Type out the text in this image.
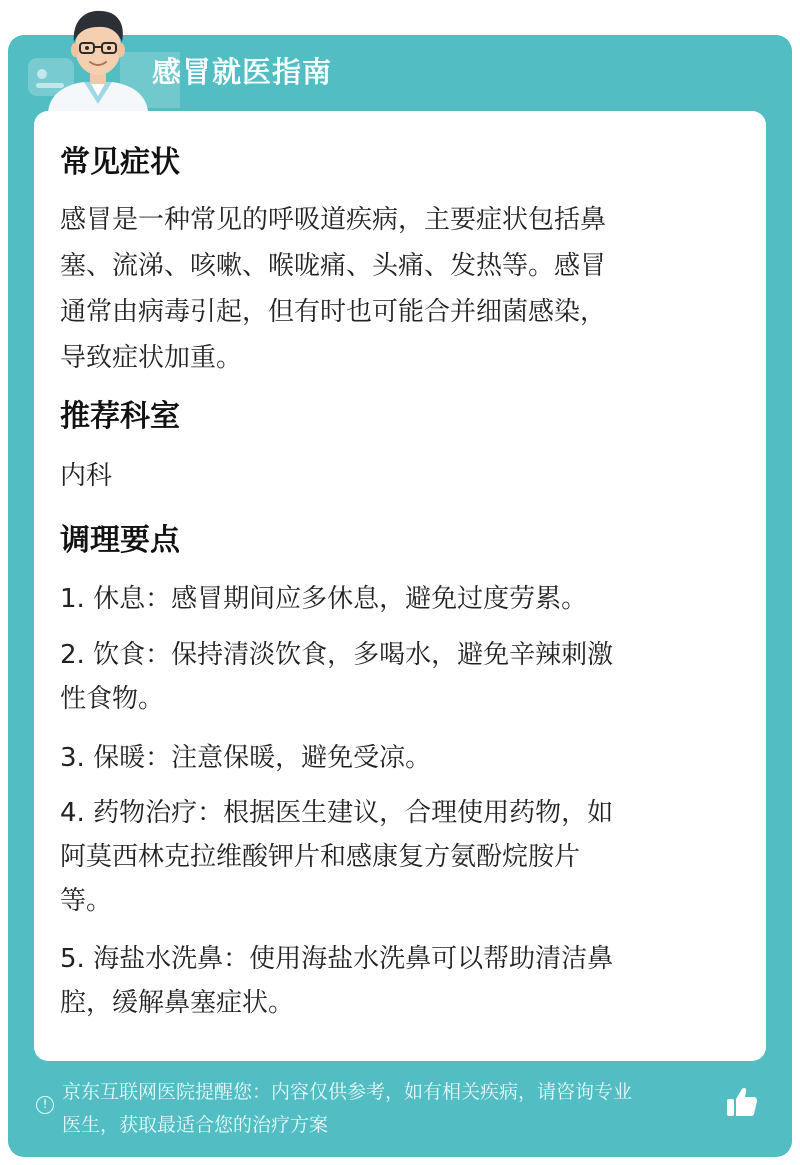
感冒就医指南
常见症状
感冒是一种常见的呼吸道疾病，主要症状包括鼻
塞、流涕、咳嗽、喉咙痛、头痛、发热等。感冒
通常由病毒引起，但有时也可能合并细菌感染，
导致症状加重。
推荐科室
内科
调理要点
1. 休息：感冒期间应多休息，避免过度劳累。
2. 饮食：保持清淡饮食，多喝水，避免辛辣刺激
性食物。
3. 保暖：注意保暖，避免受凉。
4. 药物治疗：根据医生建议，合理使用药物，如
阿莫西林克拉维酸钾片和感康复方氨酚烷胺片
等。
5. 海盐水洗鼻：使用海盐水洗鼻可以帮助清洁鼻
腔，缓解鼻塞症状。
!
京东互联网医院提醒您：内容仅供参考，如有相关疾病，请咨询专业
医生，获取最适合您的治疗方案
